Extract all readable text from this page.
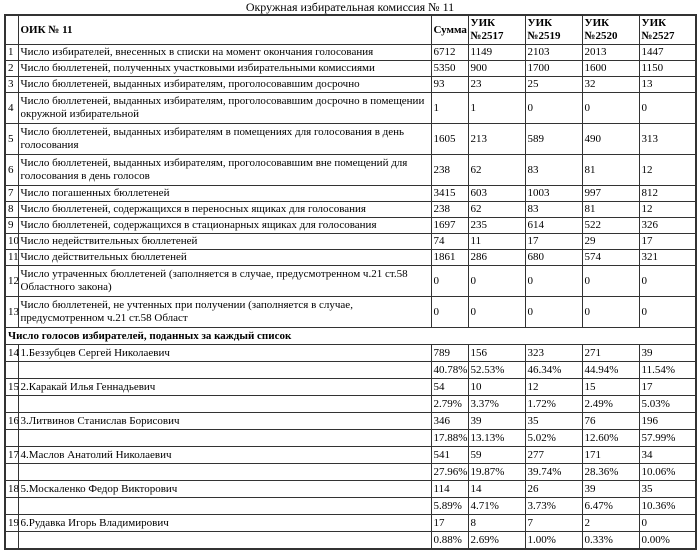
Окружная избирательная комиссия № 11
	ОИК № 11	Сумма	УИК №2517	УИК №2519	УИК №2520	УИК №2527
1	Число избирателей, внесенных в списки на момент окончания голосования	6712	1149	2103	2013	1447
2	Число бюллетеней, полученных участковыми избирательными комиссиями	5350	900	1700	1600	1150
3	Число бюллетеней, выданных избирателям, проголосовавшим досрочно	93	23	25	32	13
4	Число бюллетеней, выданных избирателям, проголосовавшим досрочно в помещении окружной избирательной	1	1	0	0	0
5	Число бюллетеней, выданных избирателям в помещениях для голосования в день голосования	1605	213	589	490	313
6	Число бюллетеней, выданных избирателям, проголосовавшим вне помещений для голосования в день голосов	238	62	83	81	12
7	Число погашенных бюллетеней	3415	603	1003	997	812
8	Число бюллетеней, содержащихся в переносных ящиках для голосования	238	62	83	81	12
9	Число бюллетеней, содержащихся в стационарных ящиках для голосования	1697	235	614	522	326
10	Число недействительных бюллетеней	74	11	17	29	17
11	Число действительных бюллетеней	1861	286	680	574	321
12	Число утраченных бюллетеней (заполняется в случае, предусмотренном ч.21 ст.58 Областного закона)	0	0	0	0	0
13	Число бюллетеней, не учтенных при получении (заполняется в случае, предусмотренном ч.21 ст.58 Област	0	0	0	0	0
Число голосов избирателей, поданных за каждый список						
14	1.Беззубцев Сергей Николаевич	789	156	323	271	39
		40.78%	52.53%	46.34%	44.94%	11.54%
15	2.Каракай Илья Геннадьевич	54	10	12	15	17
		2.79%	3.37%	1.72%	2.49%	5.03%
16	3.Литвинов Станислав Борисович	346	39	35	76	196
		17.88%	13.13%	5.02%	12.60%	57.99%
17	4.Маслов Анатолий Николаевич	541	59	277	171	34
		27.96%	19.87%	39.74%	28.36%	10.06%
18	5.Москаленко Федор Викторович	114	14	26	39	35
		5.89%	4.71%	3.73%	6.47%	10.36%
19	6.Рудавка Игорь Владимирович	17	8	7	2	0
		0.88%	2.69%	1.00%	0.33%	0.00%
